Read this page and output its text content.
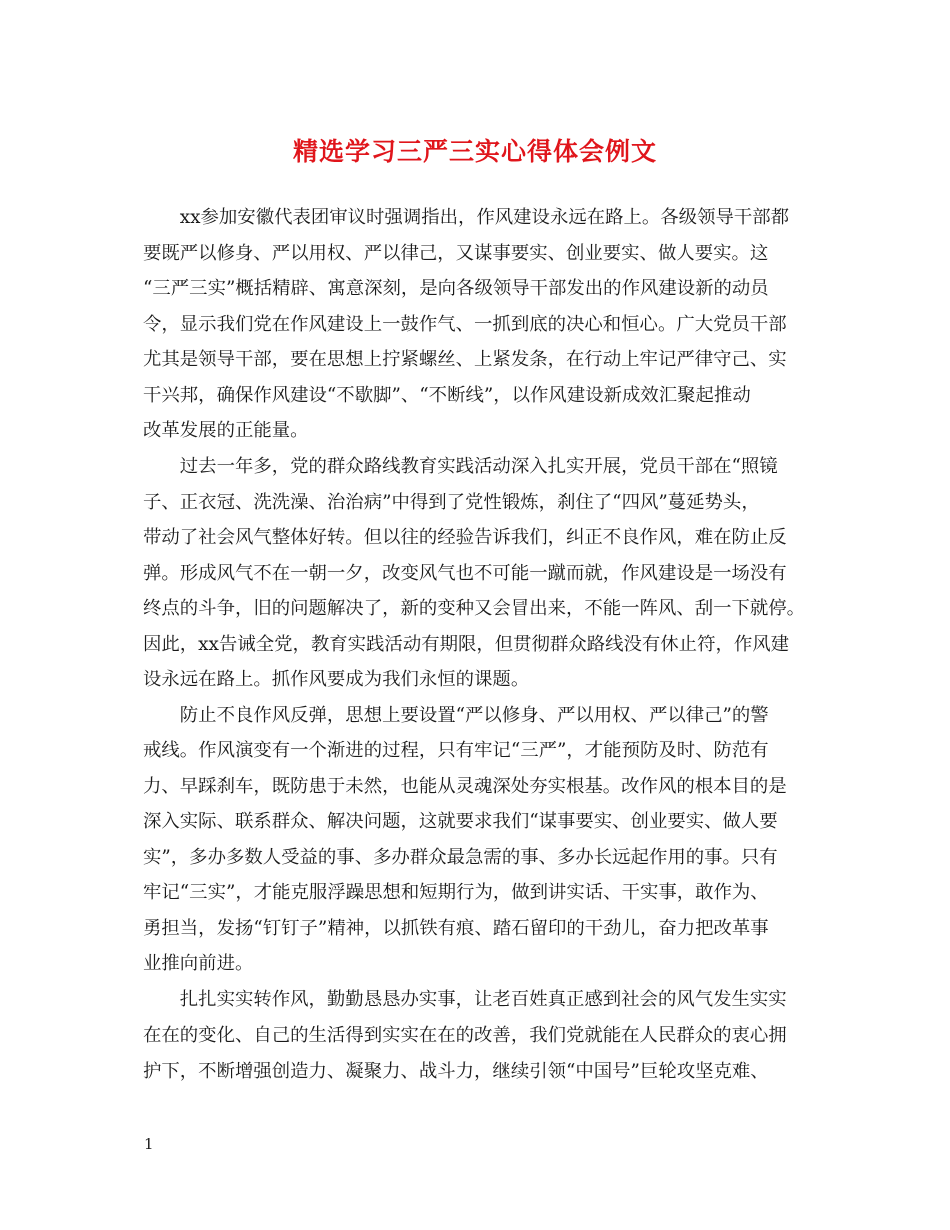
精选学习三严三实心得体会例文

　　xx参加安徽代表团审议时强调指出，作风建设永远在路上。各级领导干部都

要既严以修身、严以用权、严以律己，又谋事要实、创业要实、做人要实。这

“三严三实”概括精辟、寓意深刻，是向各级领导干部发出的作风建设新的动员

令，显示我们党在作风建设上一鼓作气、一抓到底的决心和恒心。广大党员干部

尤其是领导干部，要在思想上拧紧螺丝、上紧发条，在行动上牢记严律守己、实

干兴邦，确保作风建设“不歇脚”、“不断线”，以作风建设新成效汇聚起推动

改革发展的正能量。

　　过去一年多，党的群众路线教育实践活动深入扎实开展，党员干部在“照镜

子、正衣冠、洗洗澡、治治病”中得到了党性锻炼，刹住了“四风”蔓延势头，

带动了社会风气整体好转。但以往的经验告诉我们，纠正不良作风，难在防止反

弹。形成风气不在一朝一夕，改变风气也不可能一蹴而就，作风建设是一场没有

终点的斗争，旧的问题解决了，新的变种又会冒出来，不能一阵风、刮一下就停。

因此，xx告诫全党，教育实践活动有期限，但贯彻群众路线没有休止符，作风建

设永远在路上。抓作风要成为我们永恒的课题。

　　防止不良作风反弹，思想上要设置“严以修身、严以用权、严以律己”的警

戒线。作风演变有一个渐进的过程，只有牢记“三严”，才能预防及时、防范有

力、早踩刹车，既防患于未然，也能从灵魂深处夯实根基。改作风的根本目的是

深入实际、联系群众、解决问题，这就要求我们“谋事要实、创业要实、做人要

实”，多办多数人受益的事、多办群众最急需的事、多办长远起作用的事。只有

牢记“三实”，才能克服浮躁思想和短期行为，做到讲实话、干实事，敢作为、

勇担当，发扬“钉钉子”精神，以抓铁有痕、踏石留印的干劲儿，奋力把改革事

业推向前进。

　　扎扎实实转作风，勤勤恳恳办实事，让老百姓真正感到社会的风气发生实实

在在的变化、自己的生活得到实实在在的改善，我们党就能在人民群众的衷心拥

护下，不断增强创造力、凝聚力、战斗力，继续引领“中国号”巨轮攻坚克难、

1
